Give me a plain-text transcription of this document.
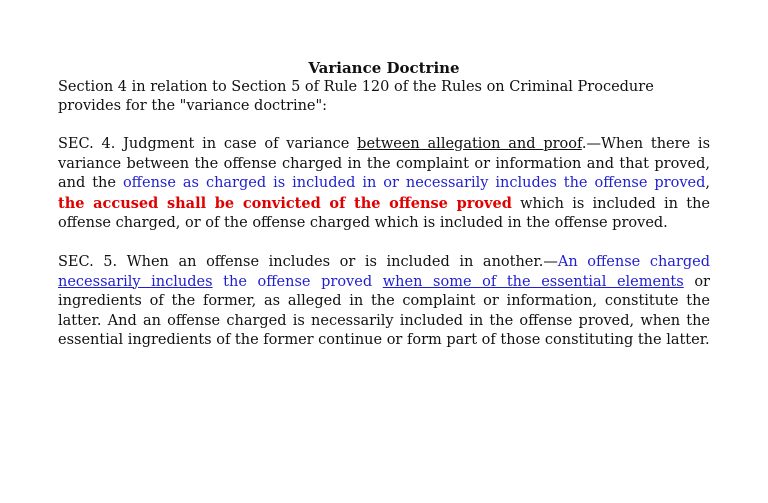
Variance Doctrine
Section 4 in relation to Section 5 of Rule 120 of the Rules on Criminal Procedure provides for the "variance doctrine":

SEC. 4. Judgment in case of variance between allegation and proof.—When there is variance between the offense charged in the complaint or information and that proved, and the offense as charged is included in or necessarily includes the offense proved, the accused shall be convicted of the offense proved which is included in the offense charged, or of the offense charged which is included in the offense proved.

SEC. 5. When an offense includes or is included in another.—An offense charged necessarily includes the offense proved when some of the essential elements or ingredients of the former, as alleged in the complaint or information, constitute the latter. And an offense charged is necessarily included in the offense proved, when the essential ingredients of the former continue or form part of those constituting the latter.
